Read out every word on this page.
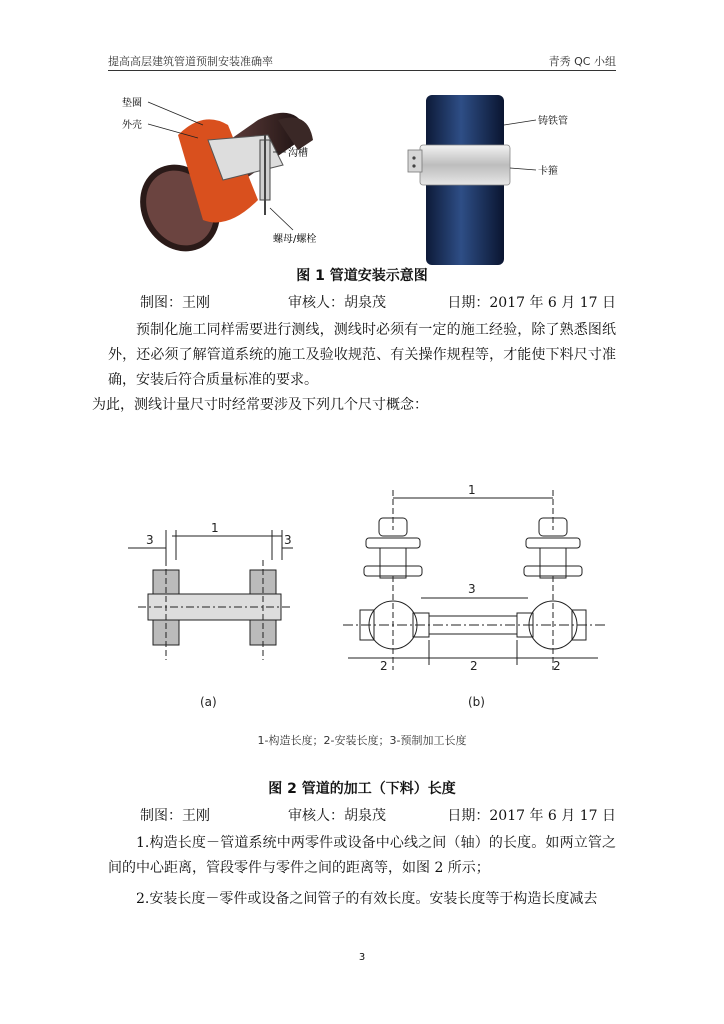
提高高层建筑管道预制安装准确率	青秀 QC 小组
垫圈
外壳
沟槽
螺母/螺栓
铸铁管
卡箍
图 1 管道安装示意图
制图：王刚	审核人：胡泉茂	日期：2017 年 6 月 17 日

预制化施工同样需要进行测线，测线时必须有一定的施工经验，除了熟悉图纸外，还必须了解管道系统的施工及验收规范、有关操作规程等，才能使下料尺寸准确，安装后符合质量标准的要求。

为此，测线计量尺寸时经常要涉及下列几个尺寸概念：

3
1
3
(a)
1
3
2	2	2
(b)
1-构造长度；2-安装长度；3-预制加工长度
图 2 管道的加工（下料）长度
制图：王刚	审核人：胡泉茂	日期：2017 年 6 月 17 日

1.构造长度－管道系统中两零件或设备中心线之间（轴）的长度。如两立管之间的中心距离，管段零件与零件之间的距离等，如图 2 所示；

2.安装长度－零件或设备之间管子的有效长度。安装长度等于构造长度减去

3
